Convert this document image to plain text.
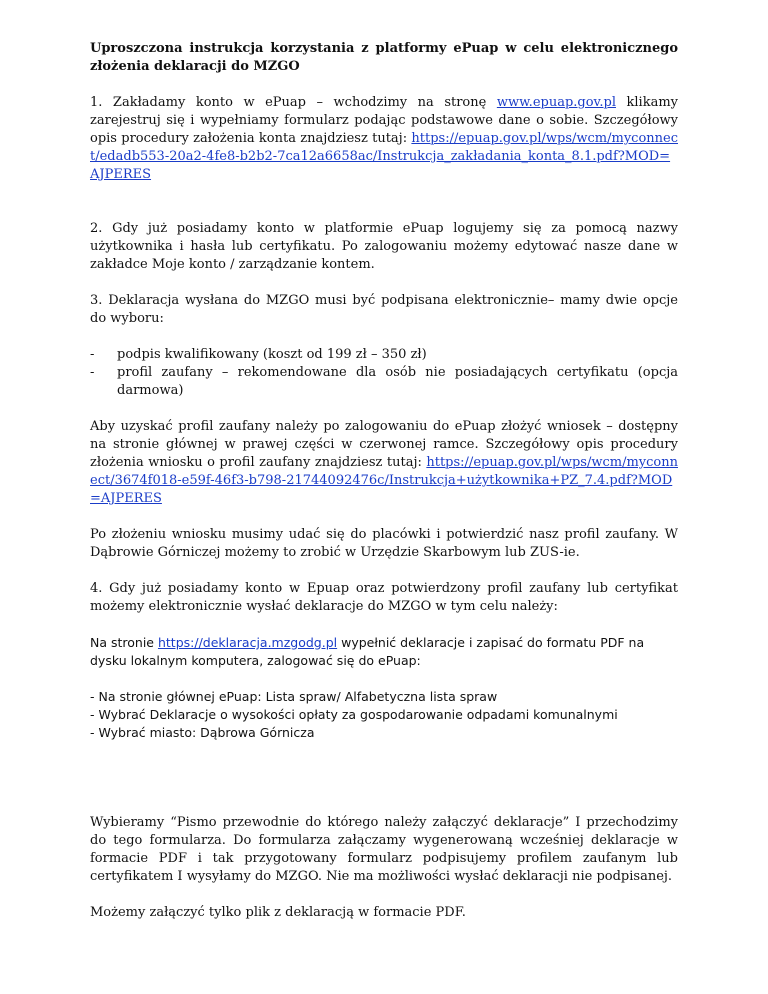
Uproszczona instrukcja korzystania z platformy ePuap w celu elektronicznego złożenia deklaracji do MZGO

1. Zakładamy konto w ePuap – wchodzimy na stronę www.epuap.gov.pl klikamy zarejestruj się i wypełniamy formularz podając podstawowe dane o sobie. Szczegółowy opis procedury założenia konta znajdziesz tutaj: https://epuap.gov.pl/wps/wcm/myconnect/edadb553-20a2-4fe8-b2b2-7ca12a6658ac/Instrukcja_zakładania_konta_8.1.pdf?MOD=AJPERES

2. Gdy już posiadamy konto w platformie ePuap logujemy się za pomocą nazwy użytkownika i hasła lub certyfikatu. Po zalogowaniu możemy edytować nasze dane w zakładce Moje konto / zarządzanie kontem.

3. Deklaracja wysłana do MZGO musi być podpisana elektronicznie– mamy dwie opcje do wyboru:

- podpis kwalifikowany (koszt od 199 zł – 350 zł)
- profil zaufany – rekomendowane dla osób nie posiadających certyfikatu (opcja darmowa)

Aby uzyskać profil zaufany należy po zalogowaniu do ePuap złożyć wniosek – dostępny na stronie głównej w prawej części w czerwonej ramce. Szczegółowy opis procedury złożenia wniosku o profil zaufany znajdziesz tutaj: https://epuap.gov.pl/wps/wcm/myconnect/3674f018-e59f-46f3-b798-21744092476c/Instrukcja+użytkownika+PZ_7.4.pdf?MOD=AJPERES

Po złożeniu wniosku musimy udać się do placówki i potwierdzić nasz profil zaufany. W Dąbrowie Górniczej możemy to zrobić w Urzędzie Skarbowym lub ZUS-ie.

4. Gdy już posiadamy konto w Epuap oraz potwierdzony profil zaufany lub certyfikat możemy elektronicznie wysłać deklaracje do MZGO w tym celu należy:

Na stronie https://deklaracja.mzgodg.pl wypełnić deklaracje i zapisać do formatu PDF na dysku lokalnym komputera, zalogować się do ePuap:

- Na stronie głównej ePuap: Lista spraw/ Alfabetyczna lista spraw

- Wybrać Deklaracje o wysokości opłaty za gospodarowanie odpadami komunalnymi

- Wybrać miasto: Dąbrowa Górnicza

Wybieramy “Pismo przewodnie do którego należy załączyć deklaracje” I przechodzimy do tego formularza. Do formularza załączamy wygenerowaną wcześniej deklaracje w formacie PDF i tak przygotowany formularz podpisujemy profilem zaufanym lub certyfikatem I wysyłamy do MZGO. Nie ma możliwości wysłać deklaracji nie podpisanej.

Możemy załączyć tylko plik z deklaracją w formacie PDF.
